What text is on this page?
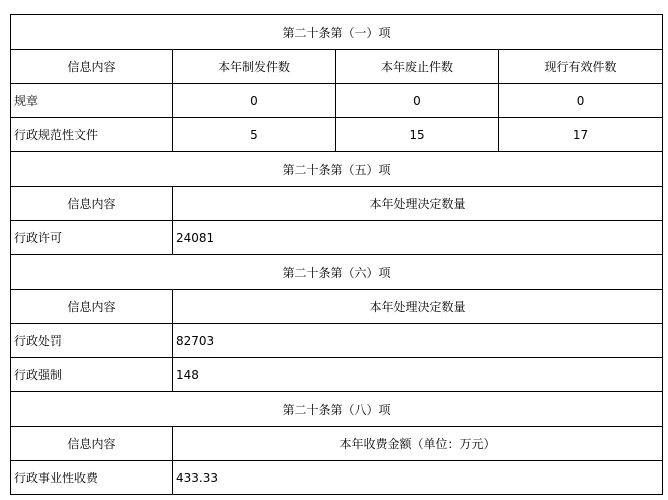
第二十条第（一）项			
信息内容	本年制发件数	本年废止件数	现行有效件数
规章	0	0	0
行政规范性文件	5	15	17
第二十条第（五）项			
信息内容	本年处理决定数量		
行政许可	24081		
第二十条第（六）项			
信息内容	本年处理决定数量		
行政处罚	82703		
行政强制	148		
第二十条第（八）项			
信息内容	本年收费金额（单位：万元）		
行政事业性收费	433.33		
